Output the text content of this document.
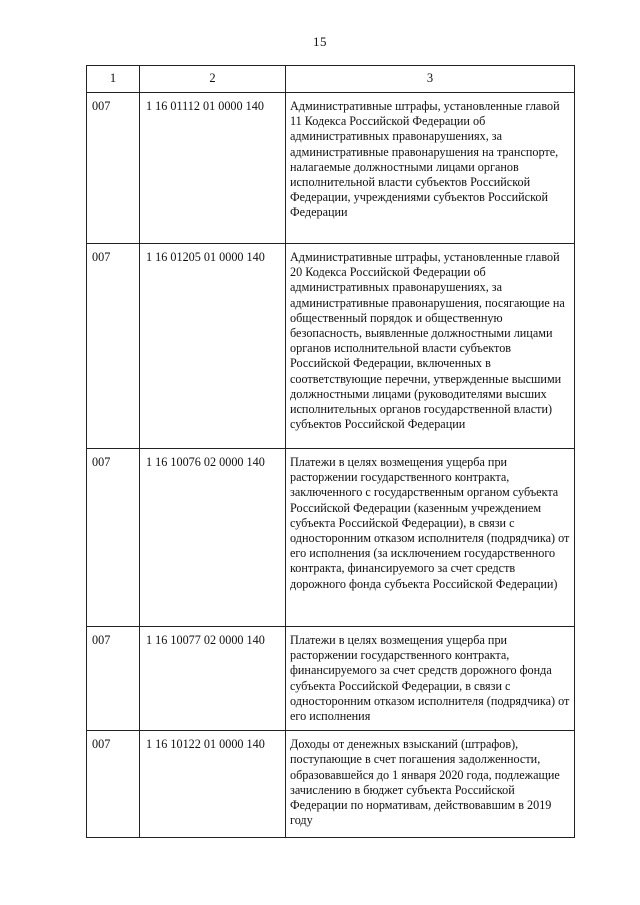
15
1	2	3

007	1 16 01112 01 0000 140	Административные штрафы, установленные главой 11 Кодекса Российской Федерации об административных правонарушениях, за административные правонарушения на транспорте, налагаемые должностными лицами органов исполнительной власти субъектов Российской Федерации, учреждениями субъектов Российской Федерации

007	1 16 01205 01 0000 140	Административные штрафы, установленные главой 20 Кодекса Российской Федерации об административных правонарушениях, за административные правонарушения, посягающие на общественный порядок и общественную безопасность, выявленные должностными лицами органов исполнительной власти субъектов Российской Федерации, включенных в соответствующие перечни, утвержденные высшими должностными лицами (руководителями высших исполнительных органов государственной власти) субъектов Российской Федерации

007	1 16 10076 02 0000 140	Платежи в целях возмещения ущерба при расторжении государственного контракта, заключенного с государственным органом субъекта Российской Федерации (казенным учреждением субъекта Российской Федерации), в связи с односторонним отказом исполнителя (подрядчика) от его исполнения (за исключением государственного контракта, финансируемого за счет средств дорожного фонда субъекта Российской Федерации)

007	1 16 10077 02 0000 140	Платежи в целях возмещения ущерба при расторжении государственного контракта, финансируемого за счет средств дорожного фонда субъекта Российской Федерации, в связи с односторонним отказом исполнителя (подрядчика) от его исполнения

007	1 16 10122 01 0000 140	Доходы от денежных взысканий (штрафов), поступающие в счет погашения задолженности, образовавшейся до 1 января 2020 года, подлежащие зачислению в бюджет субъекта Российской Федерации по нормативам, действовавшим в 2019 году
